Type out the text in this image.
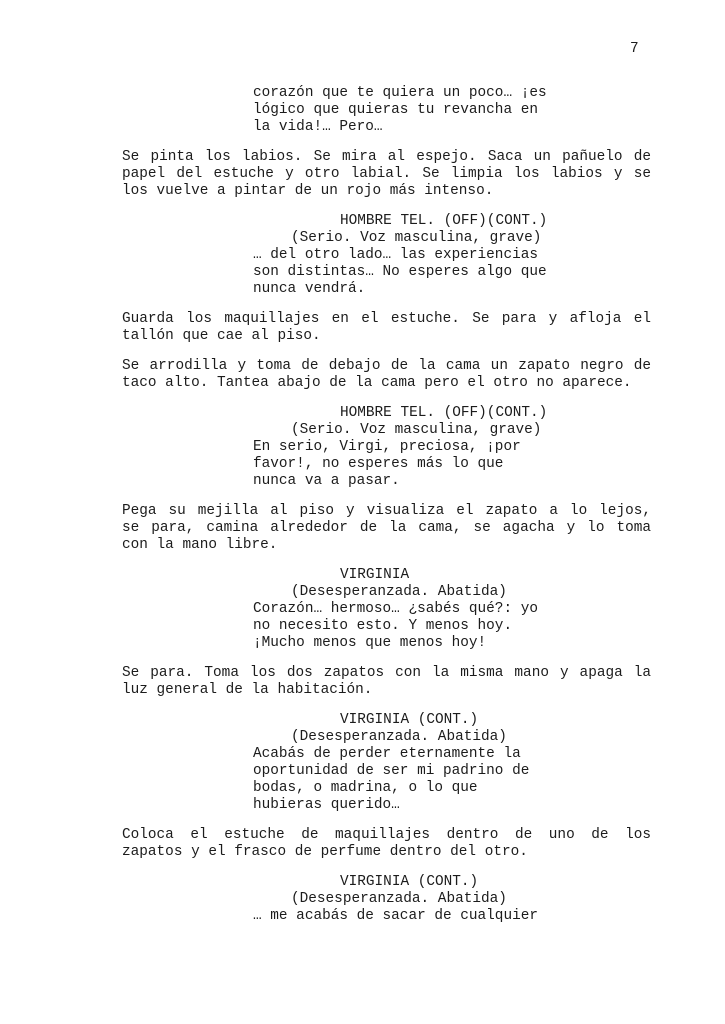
7
corazón que te quiera un poco… ¡es
lógico que quieras tu revancha en
la vida!… Pero…
Se pinta los labios. Se mira al espejo. Saca un pañuelo de
papel del estuche y otro labial. Se limpia los labios y se
los vuelve a pintar de un rojo más intenso.
HOMBRE TEL. (OFF)(CONT.)
(Serio. Voz masculina, grave)
… del otro lado… las experiencias
son distintas… No esperes algo que
nunca vendrá.
Guarda los maquillajes en el estuche. Se para y afloja el
tallón que cae al piso.
Se arrodilla y toma de debajo de la cama un zapato negro de
taco alto. Tantea abajo de la cama pero el otro no aparece.
HOMBRE TEL. (OFF)(CONT.)
(Serio. Voz masculina, grave)
En serio, Virgi, preciosa, ¡por
favor!, no esperes más lo que
nunca va a pasar.
Pega su mejilla al piso y visualiza el zapato a lo lejos,
se para, camina alrededor de la cama, se agacha y lo toma
con la mano libre.
VIRGINIA
(Desesperanzada. Abatida)
Corazón… hermoso… ¿sabés qué?: yo
no necesito esto. Y menos hoy.
¡Mucho menos que menos hoy!
Se para. Toma los dos zapatos con la misma mano y apaga la
luz general de la habitación.
VIRGINIA (CONT.)
(Desesperanzada. Abatida)
Acabás de perder eternamente la
oportunidad de ser mi padrino de
bodas, o madrina, o lo que
hubieras querido…
Coloca el estuche de maquillajes dentro de uno de los
zapatos y el frasco de perfume dentro del otro.
VIRGINIA (CONT.)
(Desesperanzada. Abatida)
… me acabás de sacar de cualquier
